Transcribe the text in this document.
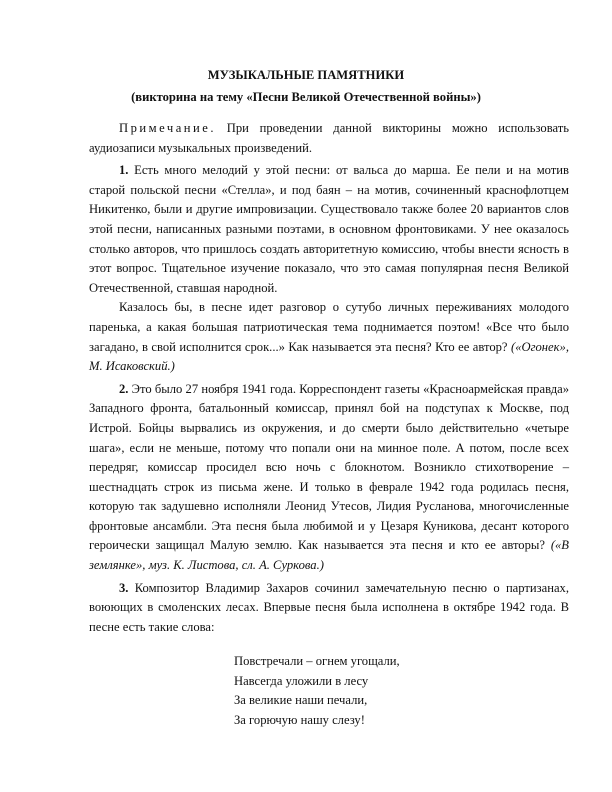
МУЗЫКАЛЬНЫЕ ПАМЯТНИКИ
(викторина на тему «Песни Великой Отечественной войны»)

Примечание. При проведении данной викторины можно использовать аудиозаписи музыкальных произведений.

1. Есть много мелодий у этой песни: от вальса до марша. Ее пели и на мотив старой польской песни «Стелла», и под баян – на мотив, сочиненный краснофлотцем Никитенко, были и другие импровизации. Существовало также более 20 вариантов слов этой песни, написанных разными поэтами, в основном фронтовиками. У нее оказалось столько авторов, что пришлось создать авторитетную комиссию, чтобы внести ясность в этот вопрос. Тщательное изучение показало, что это самая популярная песня Великой Отечественной, ставшая народной.

Казалось бы, в песне идет разговор о сутубо личных переживаниях молодого паренька, а какая большая патриотическая тема поднимается поэтом! «Все что было загадано, в свой исполнится срок...» Как называется эта песня? Кто ее автор? («Огонек», М. Исаковский.)

2. Это было 27 ноября 1941 года. Корреспондент газеты «Красноармейская правда» Западного фронта, батальонный комиссар, принял бой на подступах к Москве, под Истрой. Бойцы вырвались из окружения, и до смерти было действительно «четыре шага», если не меньше, потому что попали они на минное поле. А потом, после всех передряг, комиссар просидел всю ночь с блокнотом. Возникло стихотворение – шестнадцать строк из письма жене. И только в феврале 1942 года родилась песня, которую так задушевно исполняли Леонид Утесов, Лидия Русланова, многочисленные фронтовые ансамбли. Эта песня была любимой и у Цезаря Куникова, десант которого героически защищал Малую землю. Как называется эта песня и кто ее авторы? («В землянке», муз. К. Листова, сл. А. Суркова.)

3. Композитор Владимир Захаров сочинил замечательную песню о партизанах, воюющих в смоленских лесах. Впервые песня была исполнена в октябре 1942 года. В песне есть такие слова:

Повстречали – огнем угощали,
Навсегда уложили в лесу
За великие наши печали,
За горючую нашу слезу!
